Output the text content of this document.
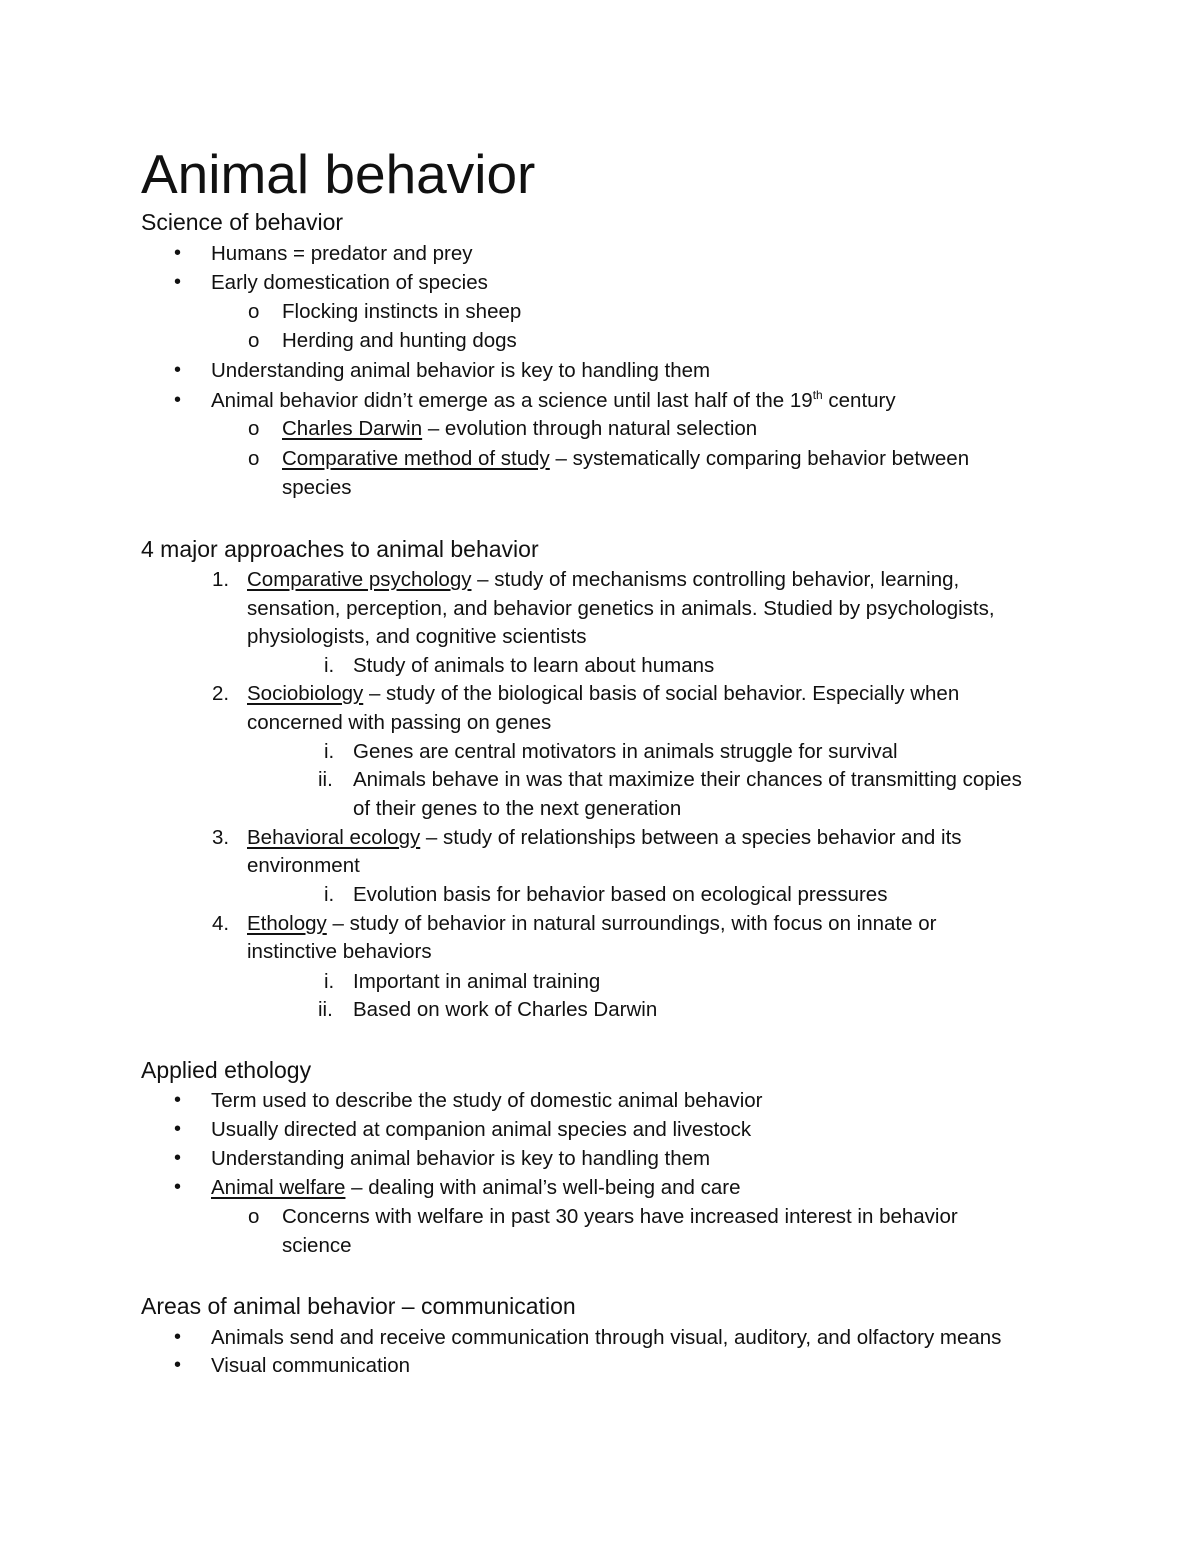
Animal behavior
Science of behavior
• Humans = predator and prey
• Early domestication of species
o Flocking instincts in sheep
o Herding and hunting dogs
• Understanding animal behavior is key to handling them
• Animal behavior didn’t emerge as a science until last half of the 19th century
o Charles Darwin – evolution through natural selection
o Comparative method of study – systematically comparing behavior between
species
4 major approaches to animal behavior
1. Comparative psychology – study of mechanisms controlling behavior, learning,
sensation, perception, and behavior genetics in animals. Studied by psychologists,
physiologists, and cognitive scientists
i. Study of animals to learn about humans
2. Sociobiology – study of the biological basis of social behavior. Especially when
concerned with passing on genes
i. Genes are central motivators in animals struggle for survival
ii. Animals behave in was that maximize their chances of transmitting copies
of their genes to the next generation
3. Behavioral ecology – study of relationships between a species behavior and its
environment
i. Evolution basis for behavior based on ecological pressures
4. Ethology – study of behavior in natural surroundings, with focus on innate or
instinctive behaviors
i. Important in animal training
ii. Based on work of Charles Darwin
Applied ethology
• Term used to describe the study of domestic animal behavior
• Usually directed at companion animal species and livestock
• Understanding animal behavior is key to handling them
• Animal welfare – dealing with animal’s well-being and care
o Concerns with welfare in past 30 years have increased interest in behavior
science
Areas of animal behavior – communication
• Animals send and receive communication through visual, auditory, and olfactory means
• Visual communication
